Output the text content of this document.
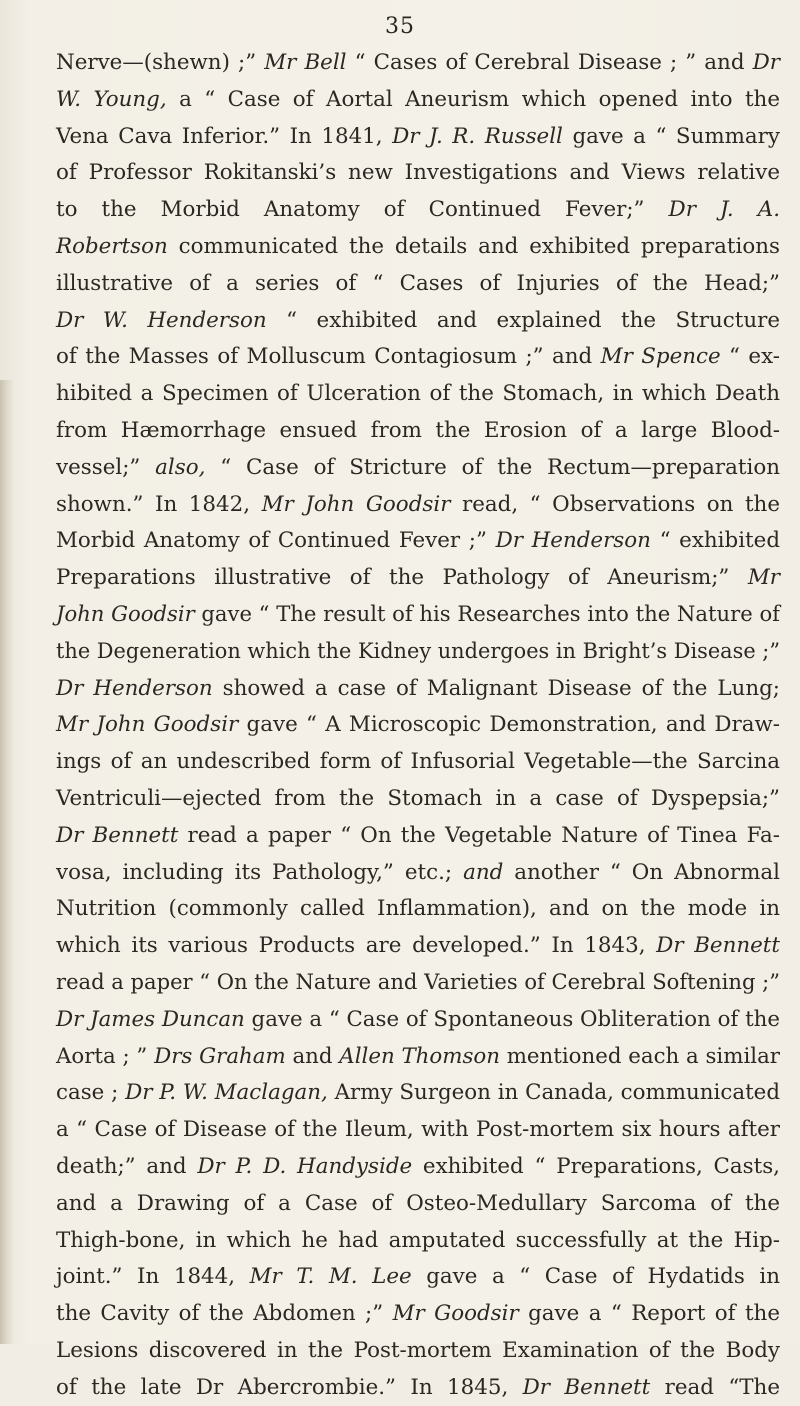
35
Nerve—(shewn) ;” Mr Bell “ Cases of Cerebral Disease ; ” and Dr
W. Young, a “ Case of Aortal Aneurism which opened into the
Vena Cava Inferior.” In 1841, Dr J. R. Russell gave a “ Summary
of Professor Rokitanski’s new Investigations and Views relative
to the Morbid Anatomy of Continued Fever;” Dr J. A.
Robertson communicated the details and exhibited preparations
illustrative of a series of “ Cases of Injuries of the Head;”
Dr W. Henderson “ exhibited and explained the Structure
of the Masses of Molluscum Contagiosum ;” and Mr Spence “ ex-
hibited a Specimen of Ulceration of the Stomach, in which Death
from Hæmorrhage ensued from the Erosion of a large Blood-
vessel;” also, “ Case of Stricture of the Rectum—preparation
shown.” In 1842, Mr John Goodsir read, “ Observations on the
Morbid Anatomy of Continued Fever ;” Dr Henderson “ exhibited
Preparations illustrative of the Pathology of Aneurism;” Mr
John Goodsir gave “ The result of his Researches into the Nature of
the Degeneration which the Kidney undergoes in Bright’s Disease ;”
Dr Henderson showed a case of Malignant Disease of the Lung;
Mr John Goodsir gave “ A Microscopic Demonstration, and Draw-
ings of an undescribed form of Infusorial Vegetable—the Sarcina
Ventriculi—ejected from the Stomach in a case of Dyspepsia;”
Dr Bennett read a paper “ On the Vegetable Nature of Tinea Fa-
vosa, including its Pathology,” etc.; and another “ On Abnormal
Nutrition (commonly called Inflammation), and on the mode in
which its various Products are developed.” In 1843, Dr Bennett
read a paper “ On the Nature and Varieties of Cerebral Softening ;”
Dr James Duncan gave a “ Case of Spontaneous Obliteration of the
Aorta ; ” Drs Graham and Allen Thomson mentioned each a similar
case ; Dr P. W. Maclagan, Army Surgeon in Canada, communicated
a “ Case of Disease of the Ileum, with Post-mortem six hours after
death;” and Dr P. D. Handyside exhibited “ Preparations, Casts,
and a Drawing of a Case of Osteo-Medullary Sarcoma of the
Thigh-bone, in which he had amputated successfully at the Hip-
joint.” In 1844, Mr T. M. Lee gave a “ Case of Hydatids in
the Cavity of the Abdomen ;” Mr Goodsir gave a “ Report of the
Lesions discovered in the Post-mortem Examination of the Body
of the late Dr Abercrombie.” In 1845, Dr Bennett read “The
